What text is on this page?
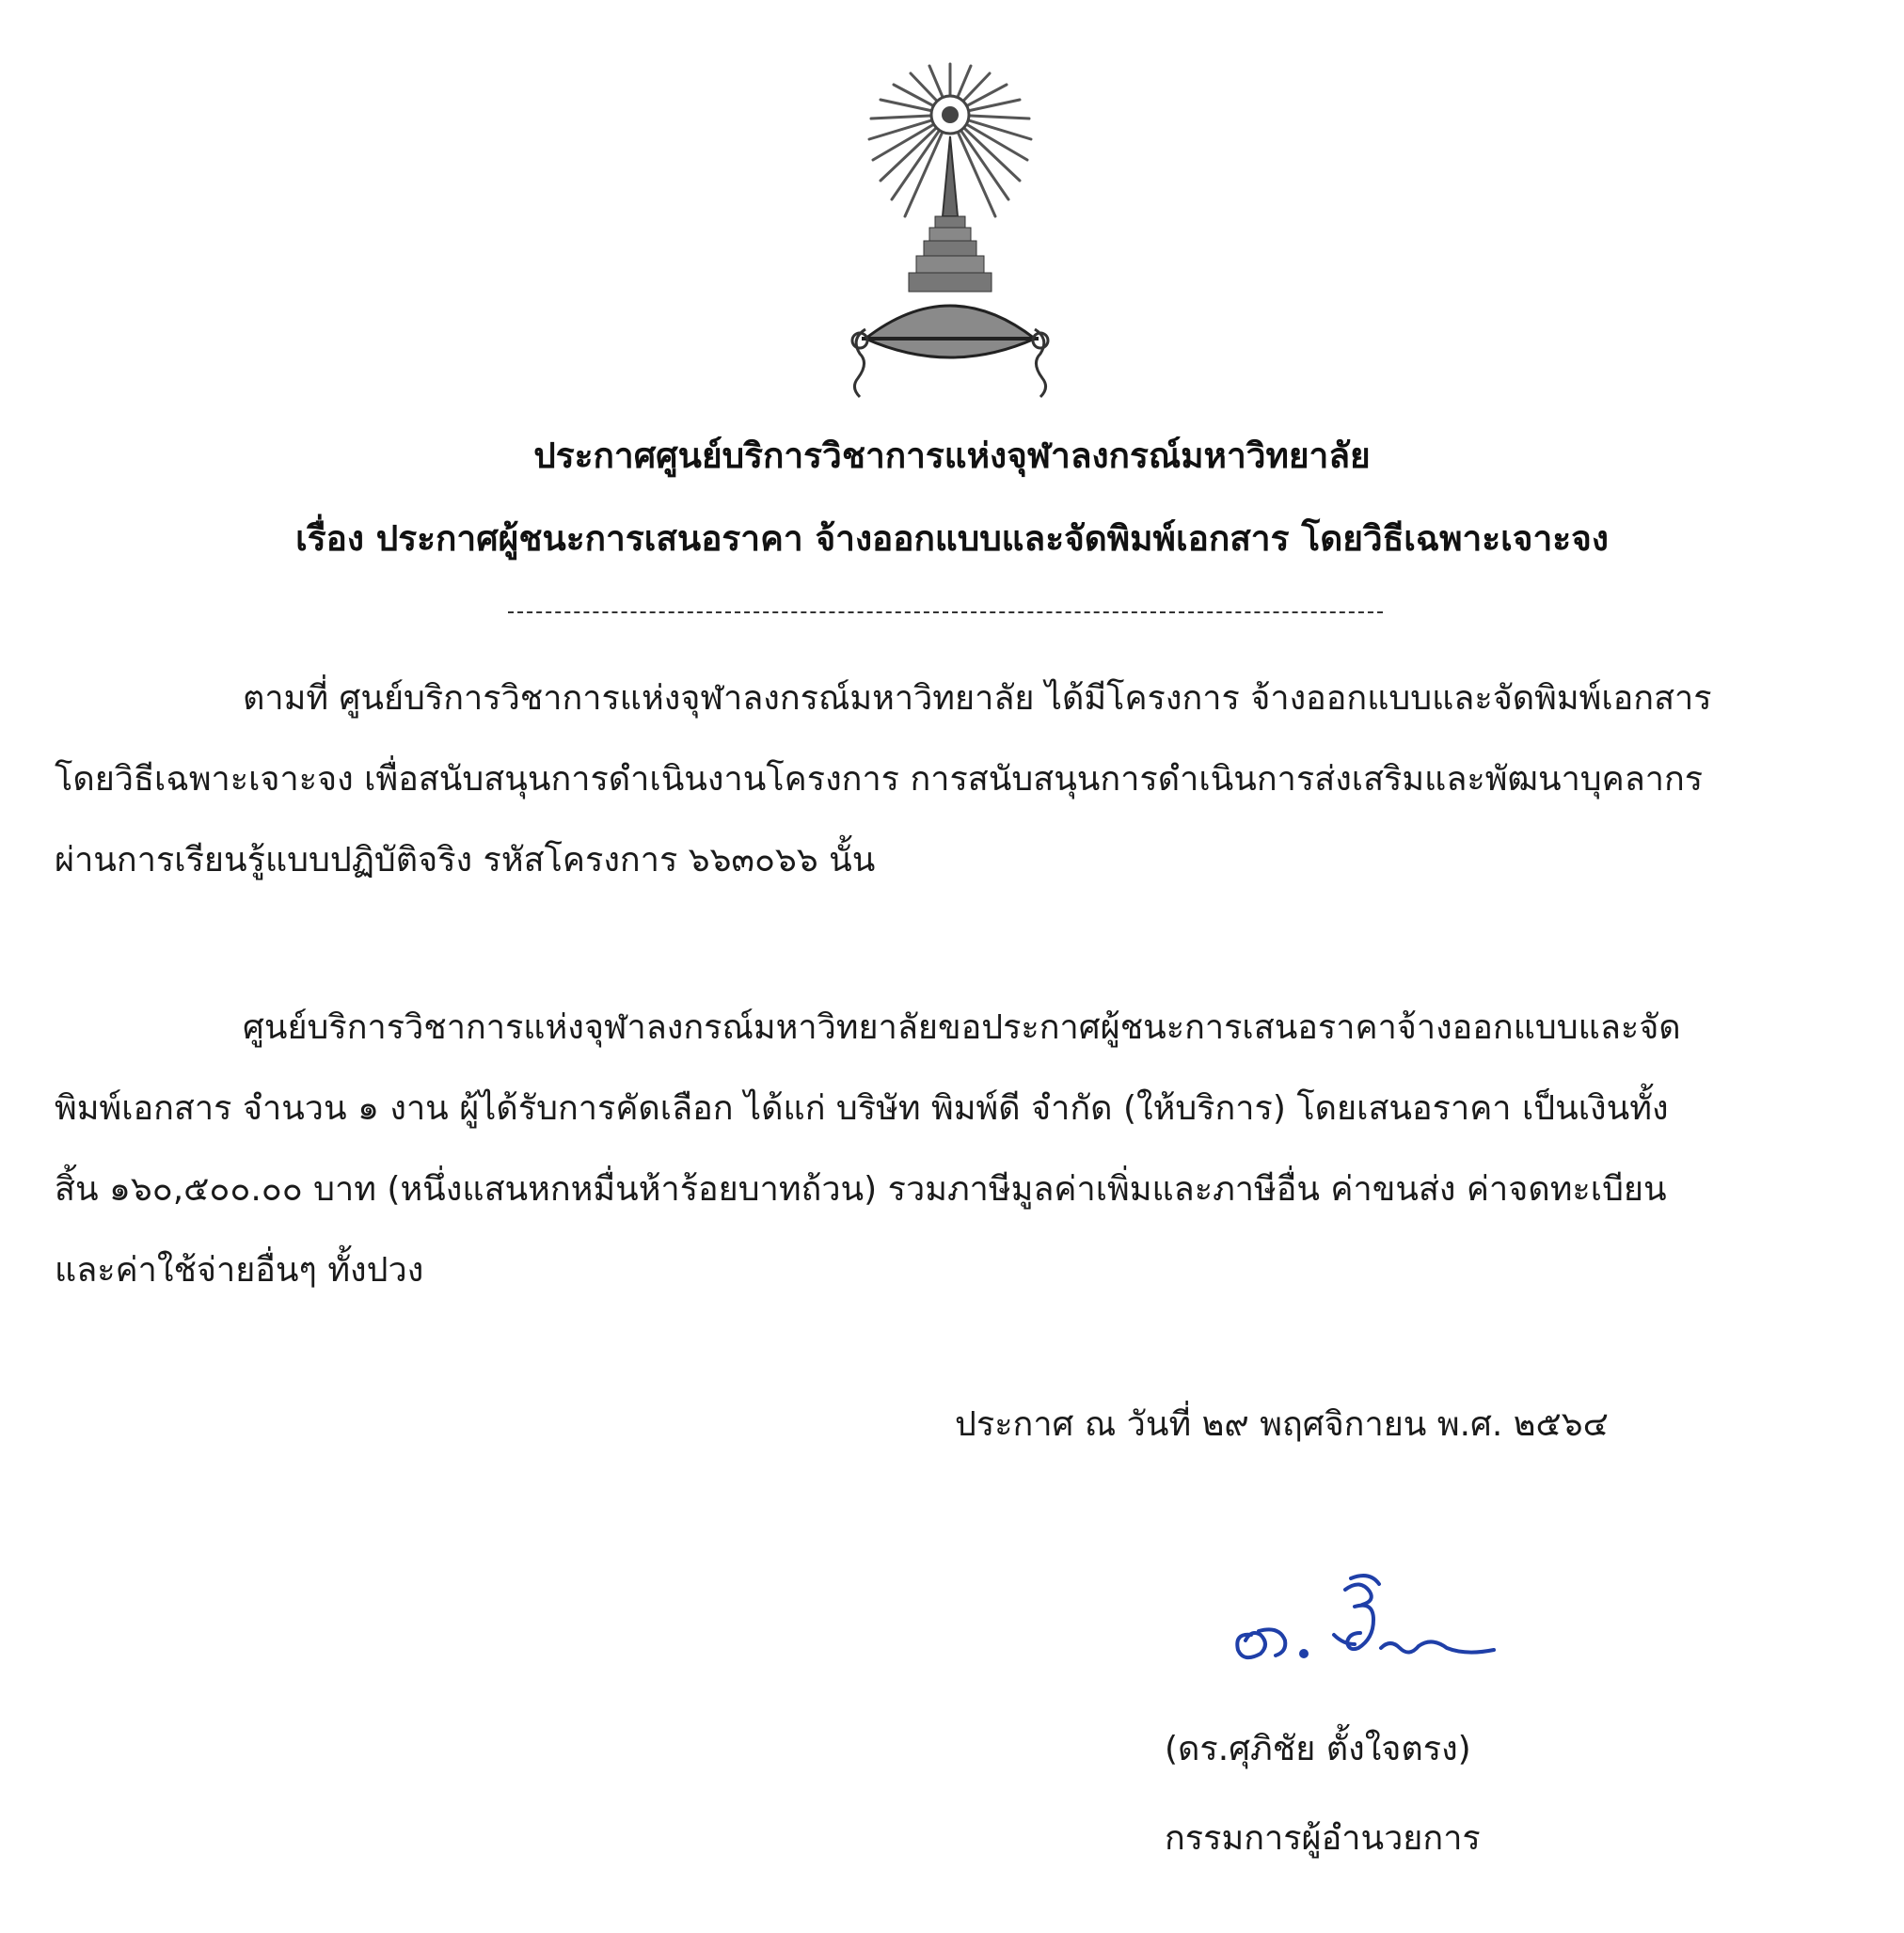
ประกาศศูนย์บริการวิชาการแห่งจุฬาลงกรณ์มหาวิทยาลัย
เรื่อง ประกาศผู้ชนะการเสนอราคา จ้างออกแบบและจัดพิมพ์เอกสาร โดยวิธีเฉพาะเจาะจง
ตามที่ ศูนย์บริการวิชาการแห่งจุฬาลงกรณ์มหาวิทยาลัย ได้มีโครงการ จ้างออกแบบและจัดพิมพ์เอกสาร
โดยวิธีเฉพาะเจาะจง เพื่อสนับสนุนการดำเนินงานโครงการ การสนับสนุนการดำเนินการส่งเสริมและพัฒนาบุคลากร
ผ่านการเรียนรู้แบบปฏิบัติจริง รหัสโครงการ ๖๖๓๐๖๖ นั้น
ศูนย์บริการวิชาการแห่งจุฬาลงกรณ์มหาวิทยาลัยขอประกาศผู้ชนะการเสนอราคาจ้างออกแบบและจัด
พิมพ์เอกสาร จำนวน ๑ งาน ผู้ได้รับการคัดเลือก ได้แก่ บริษัท พิมพ์ดี จำกัด (ให้บริการ) โดยเสนอราคา เป็นเงินทั้ง
สิ้น ๑๖๐,๕๐๐.๐๐ บาท (หนึ่งแสนหกหมื่นห้าร้อยบาทถ้วน) รวมภาษีมูลค่าเพิ่มและภาษีอื่น ค่าขนส่ง ค่าจดทะเบียน
และค่าใช้จ่ายอื่นๆ ทั้งปวง
ประกาศ ณ วันที่ ๒๙ พฤศจิกายน พ.ศ. ๒๕๖๔
(ดร.ศุภิชัย ตั้งใจตรง)
กรรมการผู้อำนวยการ
